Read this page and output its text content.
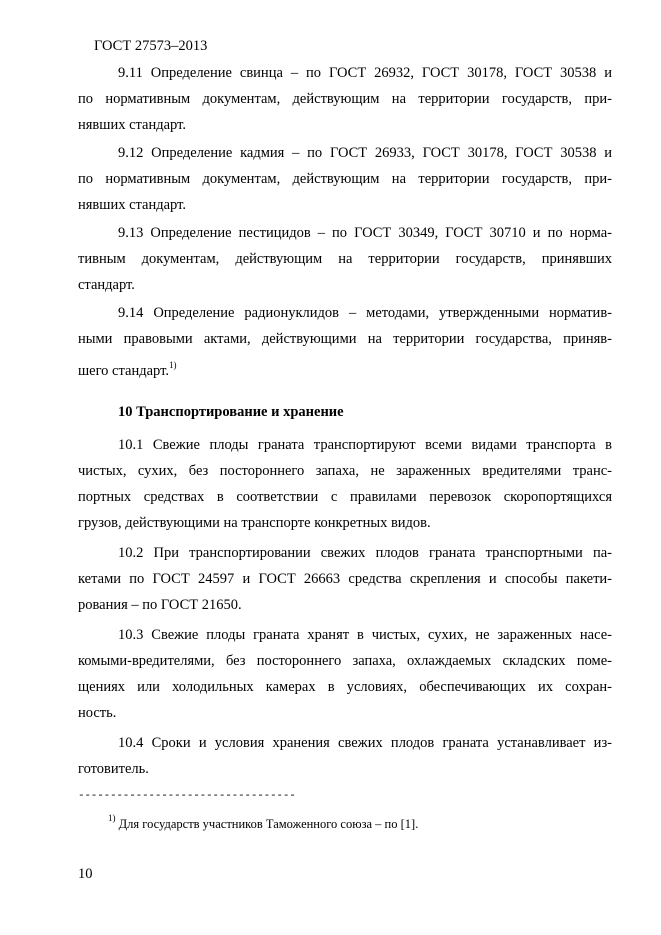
ГОСТ 27573–2013
9.11 Определение свинца – по ГОСТ 26932, ГОСТ 30178, ГОСТ 30538 и
по нормативным документам, действующим на территории государств, при-
нявших стандарт.
9.12 Определение кадмия – по ГОСТ 26933, ГОСТ 30178, ГОСТ 30538 и
по нормативным документам, действующим на территории государств, при-
нявших стандарт.
9.13 Определение пестицидов – по ГОСТ 30349, ГОСТ 30710 и по норма-
тивным документам, действующим на территории государств, принявших
стандарт.
9.14 Определение радионуклидов – методами, утвержденными норматив-
ными правовыми актами, действующими на территории государства, приняв-
шего стандарт.$^{1)}$
10 Транспортирование и хранение
10.1 Свежие плоды граната транспортируют всеми видами транспорта в
чистых, сухих, без постороннего запаха, не зараженных вредителями транс-
портных средствах в соответствии с правилами перевозок скоропортящихся
грузов, действующими на транспорте конкретных видов.
10.2 При транспортировании свежих плодов граната транспортными па-
кетами по ГОСТ 24597 и ГОСТ 26663 средства скрепления и способы пакети-
рования – по ГОСТ 21650.
10.3 Свежие плоды граната хранят в чистых, сухих, не зараженных насе-
комыми-вредителями, без постороннего запаха, охлаждаемых складских поме-
щениях или холодильных камерах в условиях, обеспечивающих их сохран-
ность.
10.4 Сроки и условия хранения свежих плодов граната устанавливает из-
готовитель.
----------------------------------
$^{1)}$ Для государств участников Таможенного союза – по [1].
10
